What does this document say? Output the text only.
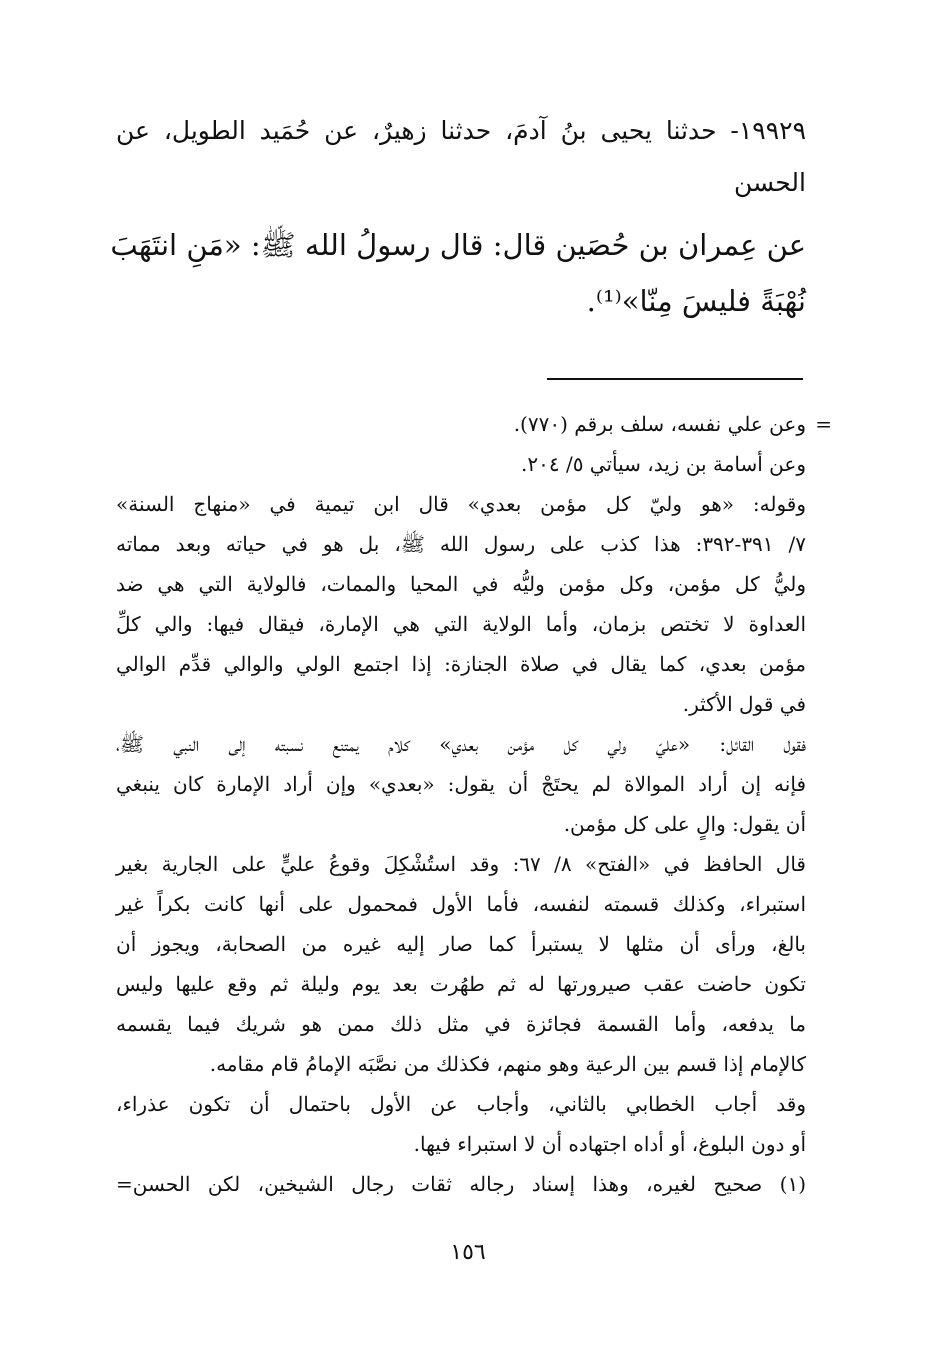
١٩٩٢٩- حدثنا يحيى بنُ آدمَ، حدثنا زهيرٌ، عن حُمَيد الطويل، عن
الحسن
عن عِمران بن حُصَين قال: قال رسولُ الله ﷺ: «مَنِ انتَهَبَ
نُهْبَةً فليسَ مِنّا»⁽¹⁾.
=
وعن علي نفسه، سلف برقم (٧٧٠).
وعن أسامة بن زيد، سيأتي ٥/ ٢٠٤.
وقوله: «هو وليّ كل مؤمن بعدي» قال ابن تيمية في «منهاج السنة»
٧/ ٣٩١-٣٩٢: هذا كذب على رسول الله ﷺ، بل هو في حياته وبعد مماته
وليُّ كل مؤمن، وكل مؤمن وليُّه في المحيا والممات، فالولاية التي هي ضد
العداوة لا تختص بزمان، وأما الولاية التي هي الإمارة، فيقال فيها: والي كلِّ
مؤمن بعدي، كما يقال في صلاة الجنازة: إذا اجتمع الولي والوالي قدِّم الوالي
في قول الأكثر.
فقول القائل: «عليّ ولي كل مؤمن بعدي» كلام يمتنع نسبته إلى النبي ﷺ،
فإنه إن أراد الموالاة لم يحتَجْ أن يقول: «بعدي» وإن أراد الإمارة كان ينبغي
أن يقول: والٍ على كل مؤمن.
قال الحافظ في «الفتح» ٨/ ٦٧: وقد استُشْكِلَ وقوعُ عليٍّ على الجارية بغير
استبراء، وكذلك قسمته لنفسه، فأما الأول فمحمول على أنها كانت بكراً غير
بالغ، ورأى أن مثلها لا يستبرأ كما صار إليه غيره من الصحابة، ويجوز أن
تكون حاضت عقب صيرورتها له ثم طهُرت بعد يوم وليلة ثم وقع عليها وليس
ما يدفعه، وأما القسمة فجائزة في مثل ذلك ممن هو شريك فيما يقسمه
كالإمام إذا قسم بين الرعية وهو منهم، فكذلك من نصَّبَه الإمامُ قام مقامه.
وقد أجاب الخطابي بالثاني، وأجاب عن الأول باحتمال أن تكون عذراء،
أو دون البلوغ، أو أداه اجتهاده أن لا استبراء فيها.
(١) صحيح لغيره، وهذا إسناد رجاله ثقات رجال الشيخين، لكن الحسن=
١٥٦
